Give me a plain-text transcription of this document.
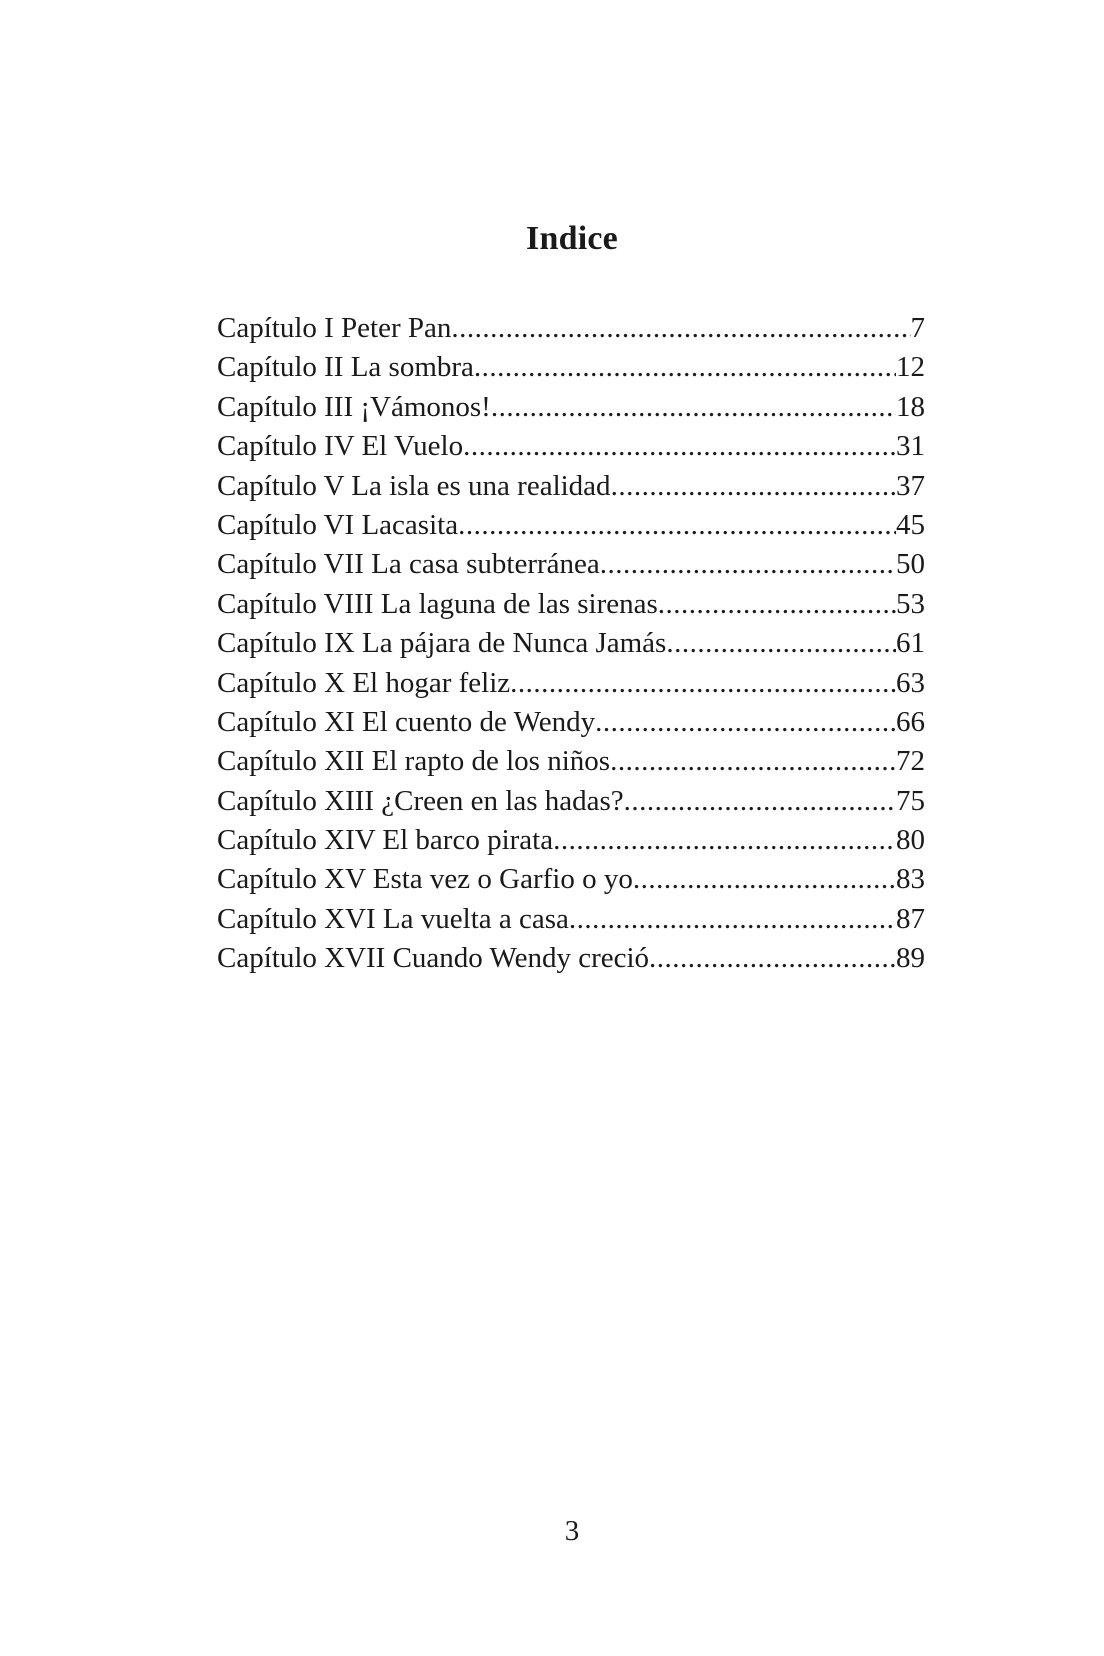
Indice
Capítulo I Peter Pan .....	7
Capítulo II La sombra .....	12
Capítulo III ¡Vámonos! .....	18
Capítulo IV El Vuelo .....	31
Capítulo V La isla es una realidad .....	37
Capítulo VI Lacasita .....	45
Capítulo VII La casa subterránea .....	50
Capítulo VIII La laguna de las sirenas .....	53
Capítulo IX La pájara de Nunca Jamás .....	61
Capítulo X El hogar feliz .....	63
Capítulo XI El cuento de Wendy .....	66
Capítulo XII El rapto de los niños .....	72
Capítulo XIII ¿Creen en las hadas? .....	75
Capítulo XIV El barco pirata .....	80
Capítulo XV Esta vez o Garfio o yo .....	83
Capítulo XVI La vuelta a casa .....	87
Capítulo XVII Cuando Wendy creció .....	89
3
